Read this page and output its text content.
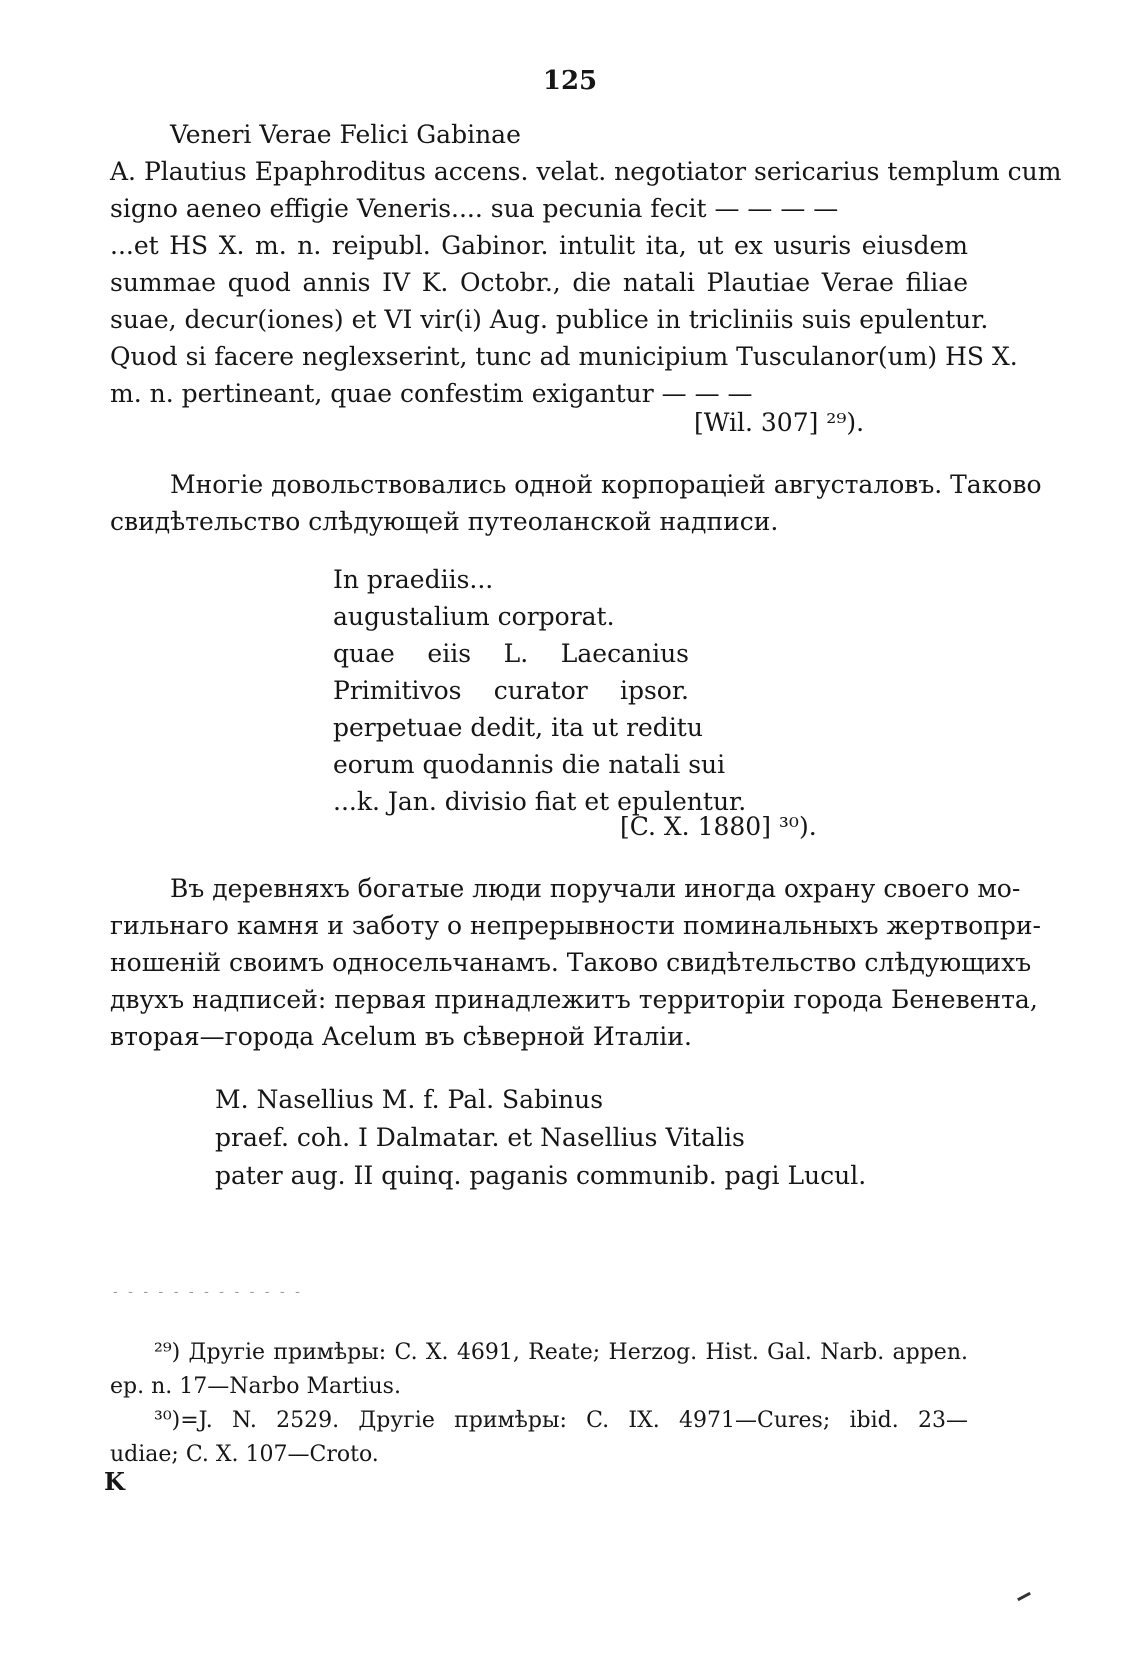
125
Veneri Verae Felici Gabinae
A. Plautius Epaphroditus accens. velat. negotiator sericarius templum cum
signo aeneo effigie Veneris.... sua pecunia fecit — — — —
...et HS X. m. n. reipubl. Gabinor. intulit ita, ut ex usuris eiusdem
summae quod annis IV K. Octobr., die natali Plautiae Verae filiae
suae, decur(iones) et VI vir(i) Aug. publice in tricliniis suis epulentur.
Quod si facere neglexserint, tunc ad municipium Tusculanor(um) HS X.
m. n. pertineant, quae confestim exigantur — — —
[Wil. 307] ²⁹).
Многіе довольствовались одной корпораціей августаловъ. Таково
свидѣтельство слѣдующей путеоланской надписи.
In praediis...
augustalium corporat.
quae eiis L. Laecanius
Primitivos curator ipsor.
perpetuae dedit, ita ut reditu
eorum quodannis die natali sui
...k. Jan. divisio fiat et epulentur.
[C. X. 1880] ³⁰).
Въ деревняхъ богатые люди поручали иногда охрану своего мо-
гильнаго камня и заботу о непрерывности поминальныхъ жертвопри-
ношеній своимъ односельчанамъ. Таково свидѣтельство слѣдующихъ
двухъ надписей: первая принадлежитъ территоріи города Беневента,
вторая—города Acelum въ сѣверной Италіи.
M. Nasellius M. f. Pal. Sabinus
praef. coh. I Dalmatar. et Nasellius Vitalis
pater aug. II quinq. paganis communib. pagi Lucul.
- - - - - - - - - - - - -
²⁹) Другіе примѣры: C. X. 4691, Reate; Herzog. Hist. Gal. Narb. appen.
ep. n. 17—Narbo Martius.
³⁰)=J. N. 2529. Другіе примѣры: C. IX. 4971—Cures; ibid. 23—
udiae; C. X. 107—Croto.
K
